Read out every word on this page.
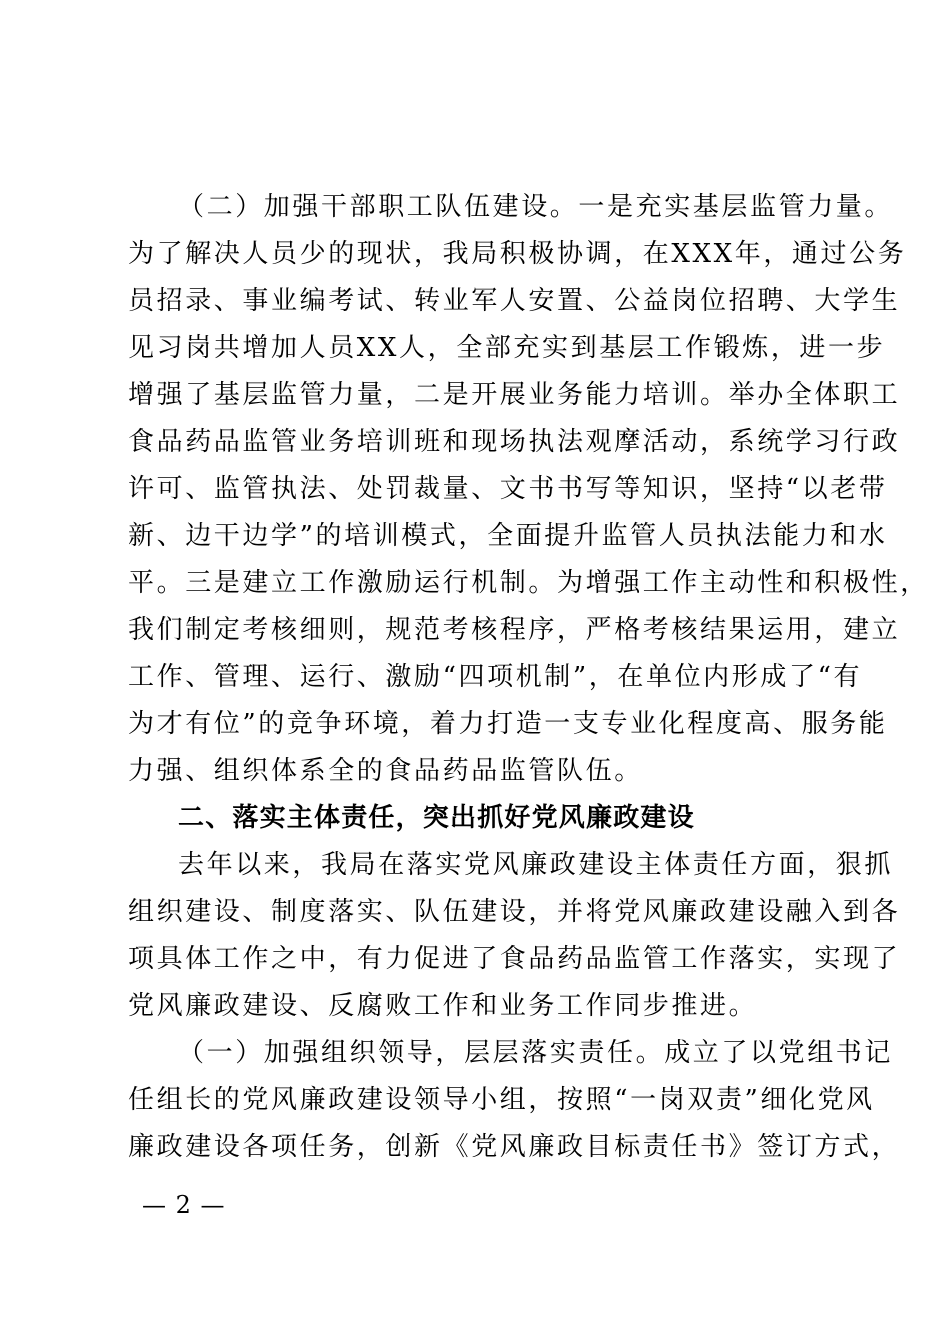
（二）加强干部职工队伍建设。一是充实基层监管力量。
为了解决人员少的现状，我局积极协调，在XXX年，通过公务
员招录、事业编考试、转业军人安置、公益岗位招聘、大学生
见习岗共增加人员XX人，全部充实到基层工作锻炼，进一步
增强了基层监管力量，二是开展业务能力培训。举办全体职工
食品药品监管业务培训班和现场执法观摩活动，系统学习行政
许可、监管执法、处罚裁量、文书书写等知识，坚持“以老带
新、边干边学”的培训模式，全面提升监管人员执法能力和水
平。三是建立工作激励运行机制。为增强工作主动性和积极性，
我们制定考核细则，规范考核程序，严格考核结果运用，建立
工作、管理、运行、激励“四项机制”，在单位内形成了“有
为才有位”的竞争环境，着力打造一支专业化程度高、服务能
力强、组织体系全的食品药品监管队伍。
二、落实主体责任，突出抓好党风廉政建设
去年以来，我局在落实党风廉政建设主体责任方面，狠抓
组织建设、制度落实、队伍建设，并将党风廉政建设融入到各
项具体工作之中，有力促进了食品药品监管工作落实，实现了
党风廉政建设、反腐败工作和业务工作同步推进。
（一）加强组织领导，层层落实责任。成立了以党组书记
任组长的党风廉政建设领导小组，按照“一岗双责”细化党风
廉政建设各项任务，创新《党风廉政目标责任书》签订方式，
— 2 —
